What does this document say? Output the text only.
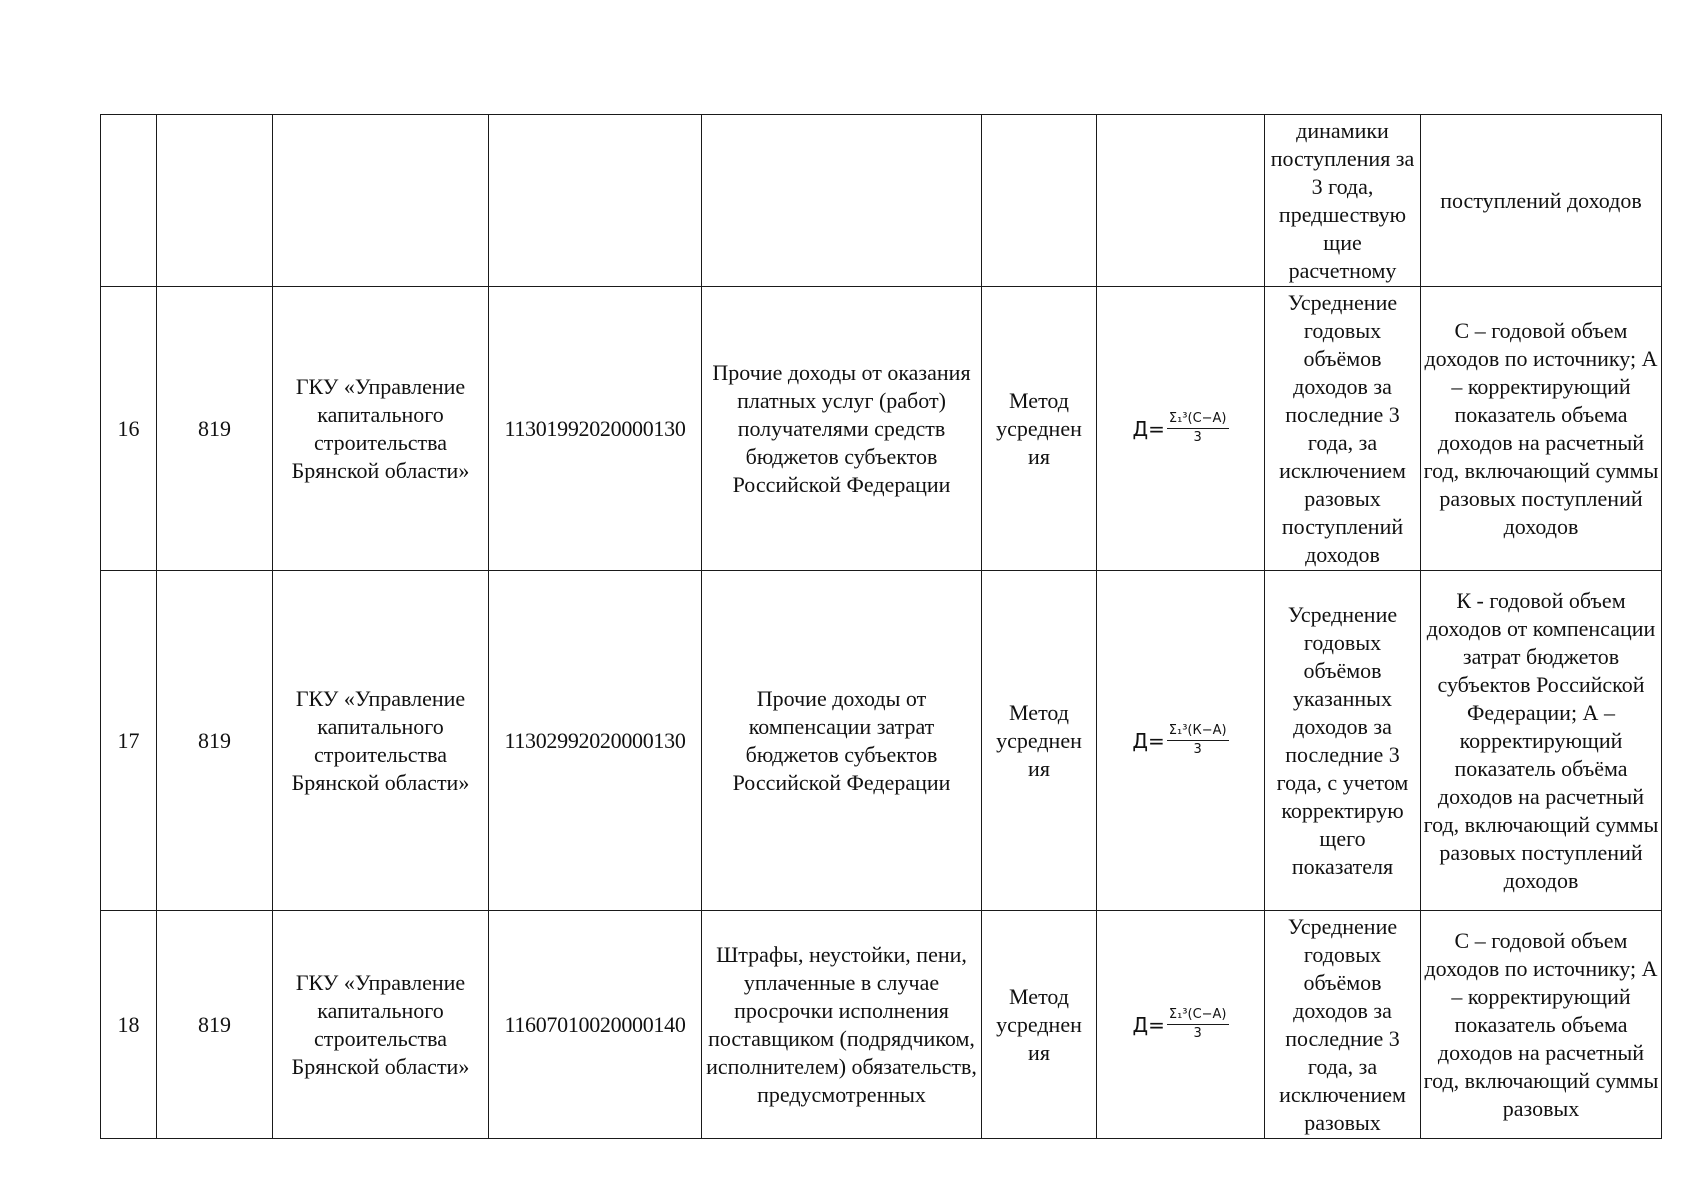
							динамики поступления за 3 года, предшествую щие расчетному	поступлений доходов
16	819	ГКУ «Управление капитального строительства Брянской области»	11301992020000130	Прочие доходы от оказания платных услуг (работ) получателями средств бюджетов субъектов Российской Федерации	Метод усреднен ия	$Д= \frac{\text{Σ₁³(С−А)}}{3}$	Усреднение годовых объёмов доходов за последние 3 года, за исключением разовых поступлений доходов	С – годовой объем доходов по источнику; А – корректирующий показатель объема доходов на расчетный год, включающий суммы разовых поступлений доходов
17	819	ГКУ «Управление капитального строительства Брянской области»	11302992020000130	Прочие доходы от компенсации затрат бюджетов субъектов Российской Федерации	Метод усреднен ия	$Д= \frac{\text{Σ₁³(К−А)}}{3}$	Усреднение годовых объёмов указанных доходов за последние 3 года, с учетом корректирую щего показателя	К - годовой объем доходов от компенсации затрат бюджетов субъектов Российской Федерации; А – корректирующий показатель объёма доходов на расчетный год, включающий суммы разовых поступлений доходов
18	819	ГКУ «Управление капитального строительства Брянской области»	11607010020000140	Штрафы, неустойки, пени, уплаченные в случае просрочки исполнения поставщиком (подрядчиком, исполнителем) обязательств, предусмотренных	Метод усреднен ия	$Д= \frac{\text{Σ₁³(С−А)}}{3}$	Усреднение годовых объёмов доходов за последние 3 года, за исключением разовых	С – годовой объем доходов по источнику; А – корректирующий показатель объема доходов на расчетный год, включающий суммы разовых
